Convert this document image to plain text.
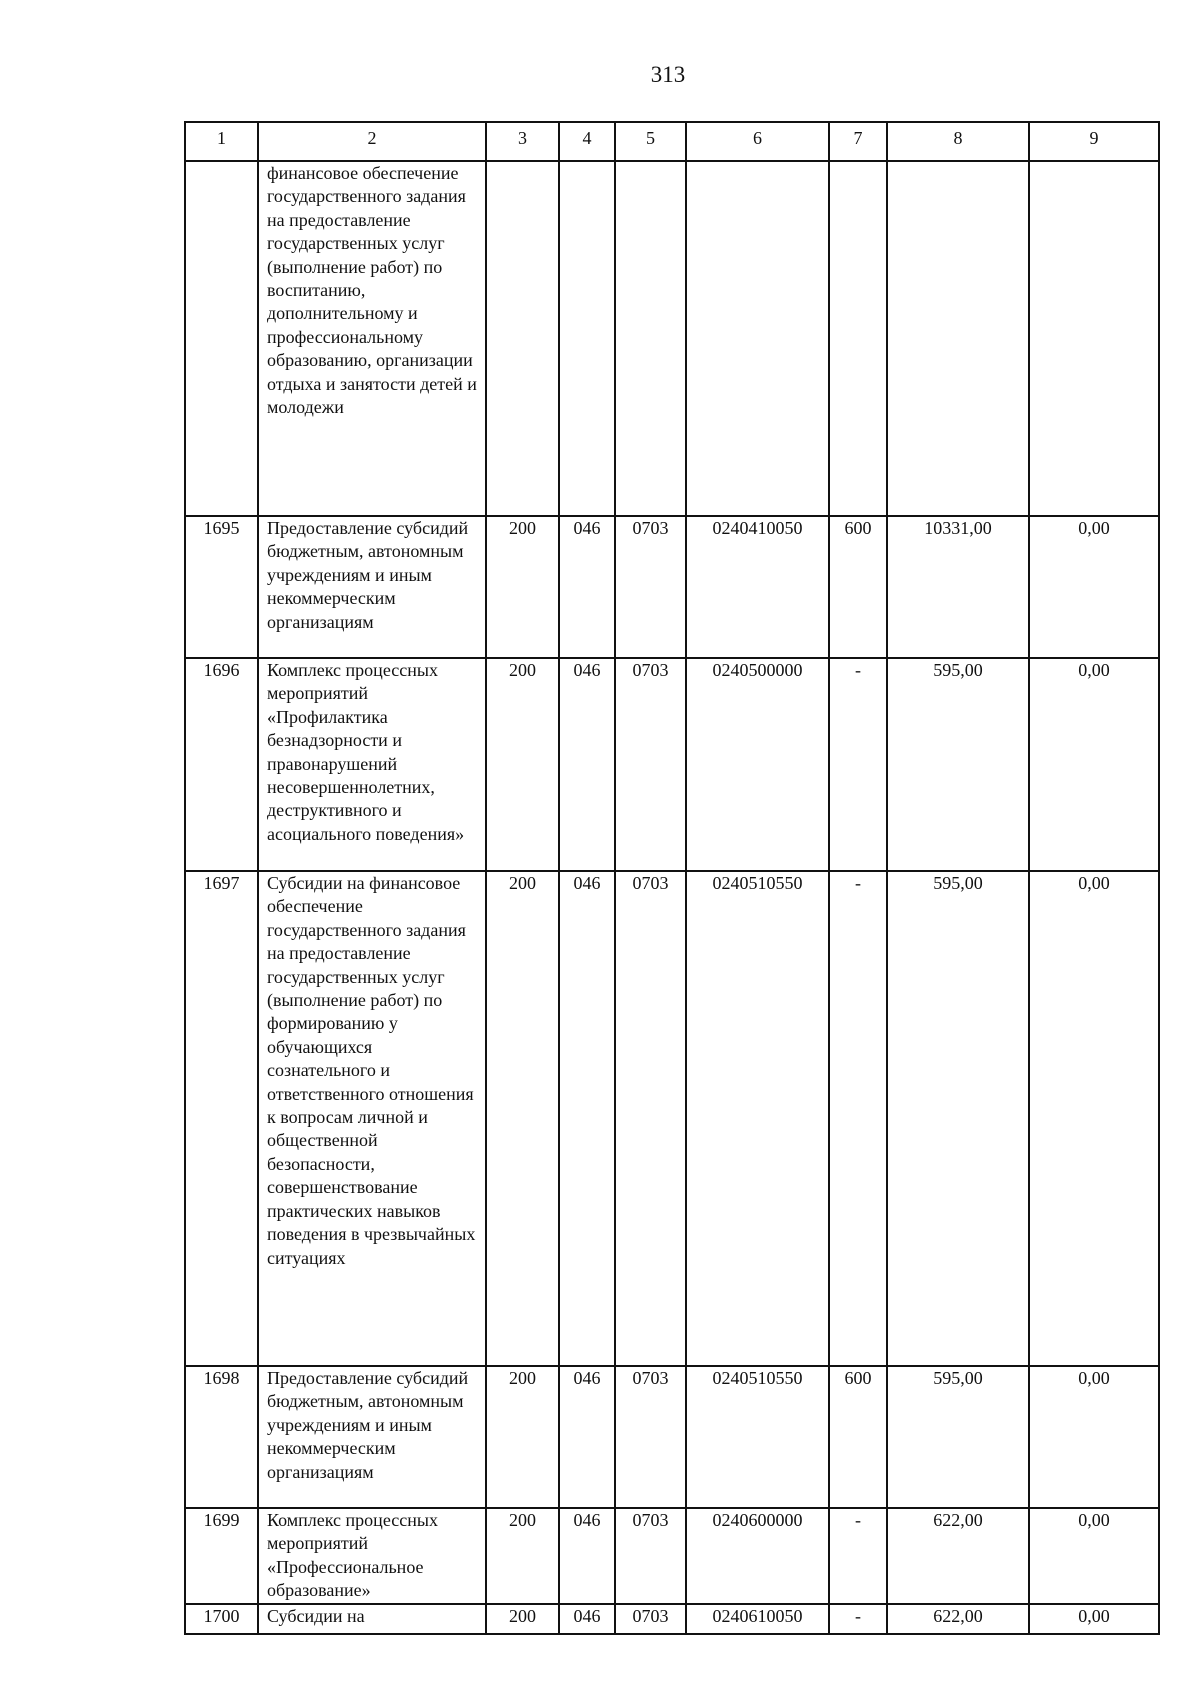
313
1	2	3	4	5	6	7	8	9
	финансовое обеспечение государственного задания на предоставление государственных услуг (выполнение работ) по воспитанию, дополнительному и профессиональному образованию, организации отдыха и занятости детей и молодежи							
1695	Предоставление субсидий бюджетным, автономным учреждениям и иным некоммерческим организациям	200	046	0703	0240410050	600	10331,00	0,00
1696	Комплекс процессных мероприятий «Профилактика безнадзорности и правонарушений несовершеннолетних, деструктивного и асоциального поведения»	200	046	0703	0240500000	-	595,00	0,00
1697	Субсидии на финансовое обеспечение государственного задания на предоставление государственных услуг (выполнение работ) по формированию у обучающихся сознательного и ответственного отношения к вопросам личной и общественной безопасности, совершенствование практических навыков поведения в чрезвычайных ситуациях	200	046	0703	0240510550	-	595,00	0,00
1698	Предоставление субсидий бюджетным, автономным учреждениям и иным некоммерческим организациям	200	046	0703	0240510550	600	595,00	0,00
1699	Комплекс процессных мероприятий «Профессиональное образование»	200	046	0703	0240600000	-	622,00	0,00
1700	Субсидии на	200	046	0703	0240610050	-	622,00	0,00
